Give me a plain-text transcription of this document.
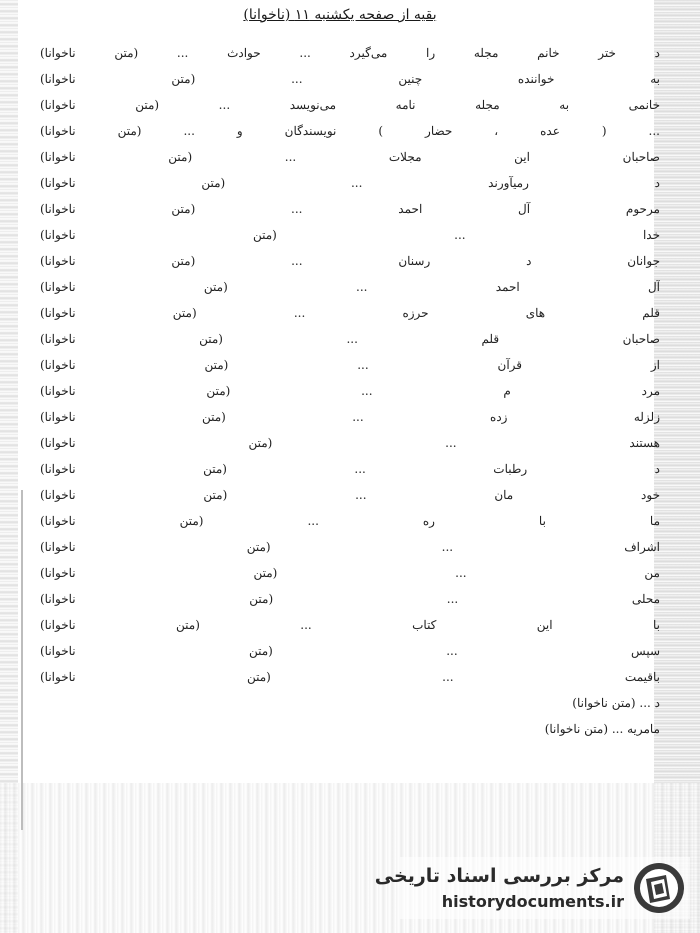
بقیه از صفحه یکشنبه ۱۱ (ناخوانا)
د ختر خانم مجله را می‌گیرد ... حوادث ... (متن ناخوانا)
به خواننده چنین ... (متن ناخوانا)
خانمی به مجله نامه می‌نویسد ... (متن ناخوانا)
... ( عده ، حضار ) نویسندگان و ... (متن ناخوانا)
صاحبان این مجلات ... (متن ناخوانا)
د رمیآورند ... (متن ناخوانا)
مرحوم آل احمد ... (متن ناخوانا)
خدا ... (متن ناخوانا)
جوانان د رسنان ... (متن ناخوانا)
آل احمد ... (متن ناخوانا)
قلم های حرزه ... (متن ناخوانا)
صاحبان قلم ... (متن ناخوانا)
از قرآن ... (متن ناخوانا)
مرد م ... (متن ناخوانا)
زلزله زده ... (متن ناخوانا)
هستند ... (متن ناخوانا)
د رطبات ... (متن ناخوانا)
خود مان ... (متن ناخوانا)
ما با ره ... (متن ناخوانا)
اشراف ... (متن ناخوانا)
من ... (متن ناخوانا)
محلی ... (متن ناخوانا)
با این کتاب ... (متن ناخوانا)
سپس ... (متن ناخوانا)
باقیمت ... (متن ناخوانا)
د ... (متن ناخوانا)
مامریه ... (متن ناخوانا)
مرکز بررسی اسناد تاریخی
historydocuments.ir
